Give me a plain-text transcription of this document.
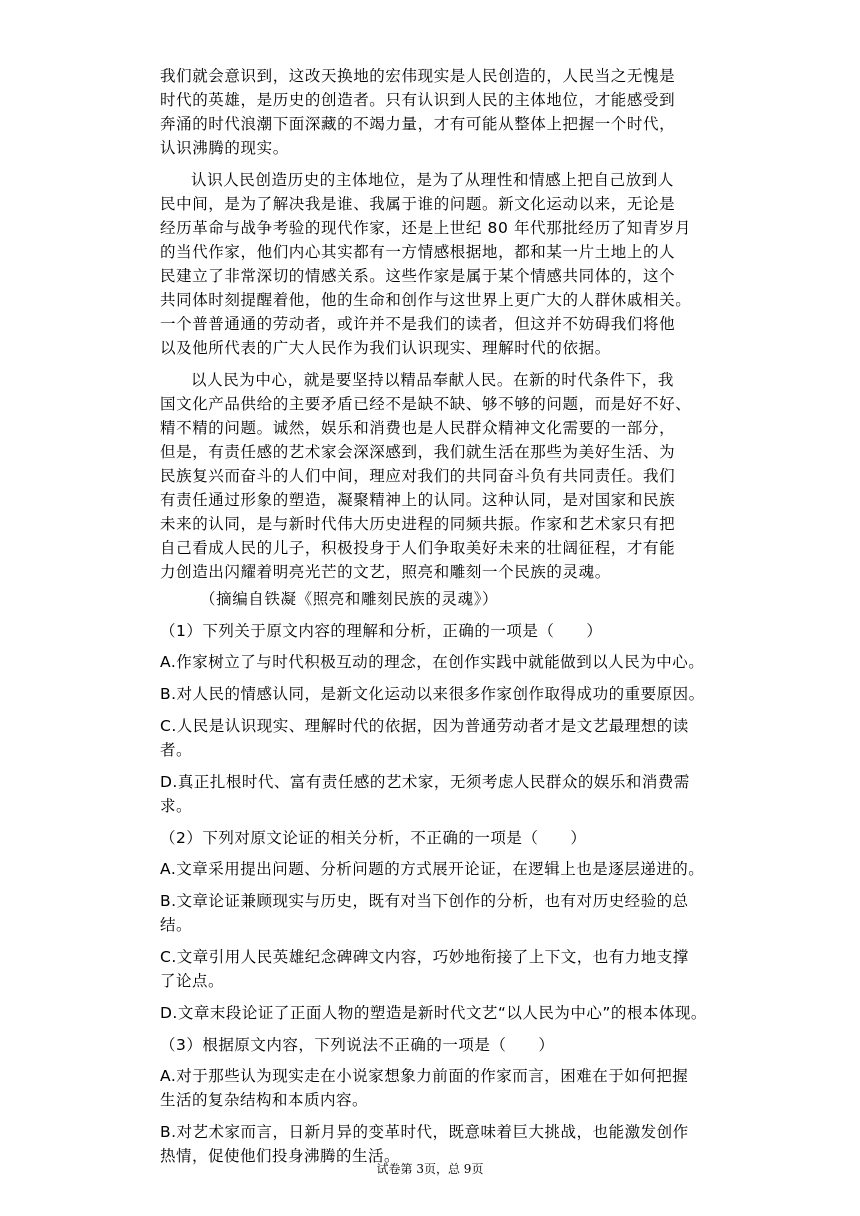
我们就会意识到，这改天换地的宏伟现实是人民创造的，人民当之无愧是
时代的英雄，是历史的创造者。只有认识到人民的主体地位，才能感受到
奔涌的时代浪潮下面深藏的不竭力量，才有可能从整体上把握一个时代，
认识沸腾的现实。

认识人民创造历史的主体地位，是为了从理性和情感上把自己放到人
民中间，是为了解决我是谁、我属于谁的问题。新文化运动以来，无论是
经历革命与战争考验的现代作家，还是上世纪 80 年代那批经历了知青岁月
的当代作家，他们内心其实都有一方情感根据地，都和某一片土地上的人
民建立了非常深切的情感关系。这些作家是属于某个情感共同体的，这个
共同体时刻提醒着他，他的生命和创作与这世界上更广大的人群休戚相关。
一个普普通通的劳动者，或许并不是我们的读者，但这并不妨碍我们将他
以及他所代表的广大人民作为我们认识现实、理解时代的依据。

以人民为中心，就是要坚持以精品奉献人民。在新的时代条件下，我
国文化产品供给的主要矛盾已经不是缺不缺、够不够的问题，而是好不好、
精不精的问题。诚然，娱乐和消费也是人民群众精神文化需要的一部分，
但是，有责任感的艺术家会深深感到，我们就生活在那些为美好生活、为
民族复兴而奋斗的人们中间，理应对我们的共同奋斗负有共同责任。我们
有责任通过形象的塑造，凝聚精神上的认同。这种认同，是对国家和民族
未来的认同，是与新时代伟大历史进程的同频共振。作家和艺术家只有把
自己看成人民的儿子，积极投身于人们争取美好未来的壮阔征程，才有能
力创造出闪耀着明亮光芒的文艺，照亮和雕刻一个民族的灵魂。

（摘编自铁凝《照亮和雕刻民族的灵魂》）

（1）下列关于原文内容的理解和分析，正确的一项是（　　）

A.作家树立了与时代积极互动的理念，在创作实践中就能做到以人民为中心。

B.对人民的情感认同，是新文化运动以来很多作家创作取得成功的重要原因。

C.人民是认识现实、理解时代的依据，因为普通劳动者才是文艺最理想的读
者。

D.真正扎根时代、富有责任感的艺术家，无须考虑人民群众的娱乐和消费需
求。

（2）下列对原文论证的相关分析，不正确的一项是（　　）

A.文章采用提出问题、分析问题的方式展开论证，在逻辑上也是逐层递进的。

B.文章论证兼顾现实与历史，既有对当下创作的分析，也有对历史经验的总
结。

C.文章引用人民英雄纪念碑碑文内容，巧妙地衔接了上下文，也有力地支撑
了论点。

D.文章末段论证了正面人物的塑造是新时代文艺“以人民为中心”的根本体现。

（3）根据原文内容，下列说法不正确的一项是（　　）

A.对于那些认为现实走在小说家想象力前面的作家而言，困难在于如何把握
生活的复杂结构和本质内容。

B.对艺术家而言，日新月异的变革时代，既意味着巨大挑战，也能激发创作
热情，促使他们投身沸腾的生活。

试卷第 3页，总 9页
